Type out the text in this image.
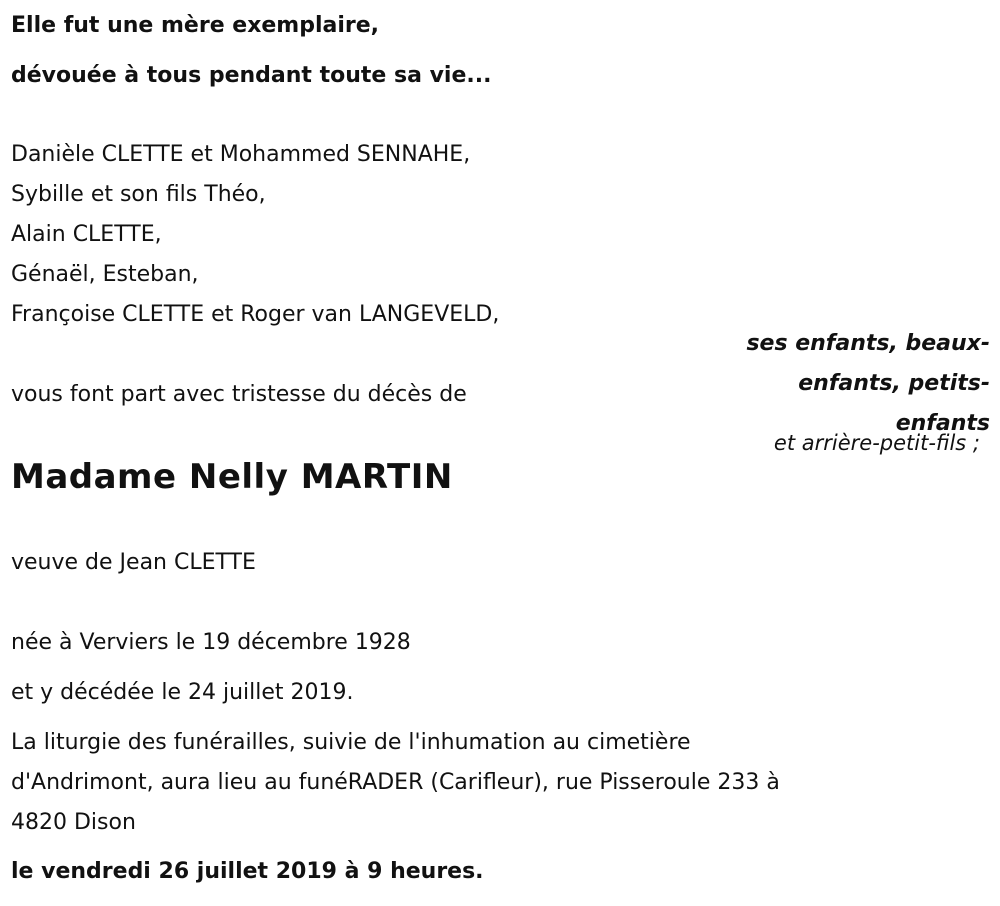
Elle fut une mère exemplaire,
dévouée à tous pendant toute sa vie...
Danièle CLETTE et Mohammed SENNAHE,
Sybille et son fils Théo,
Alain CLETTE,
Génaël, Esteban,
Françoise CLETTE et Roger van LANGEVELD,
ses enfants, beaux-
enfants, petits-
enfants
et arrière-petit-fils ;
vous font part avec tristesse du décès de
Madame Nelly MARTIN
veuve de Jean CLETTE
née à Verviers le 19 décembre 1928
et y décédée le 24 juillet 2019.
La liturgie des funérailles, suivie de l'inhumation au cimetière
d'Andrimont, aura lieu au funéRADER (Carifleur), rue Pisseroule 233 à
4820 Dison
le vendredi 26 juillet 2019 à 9 heures.
